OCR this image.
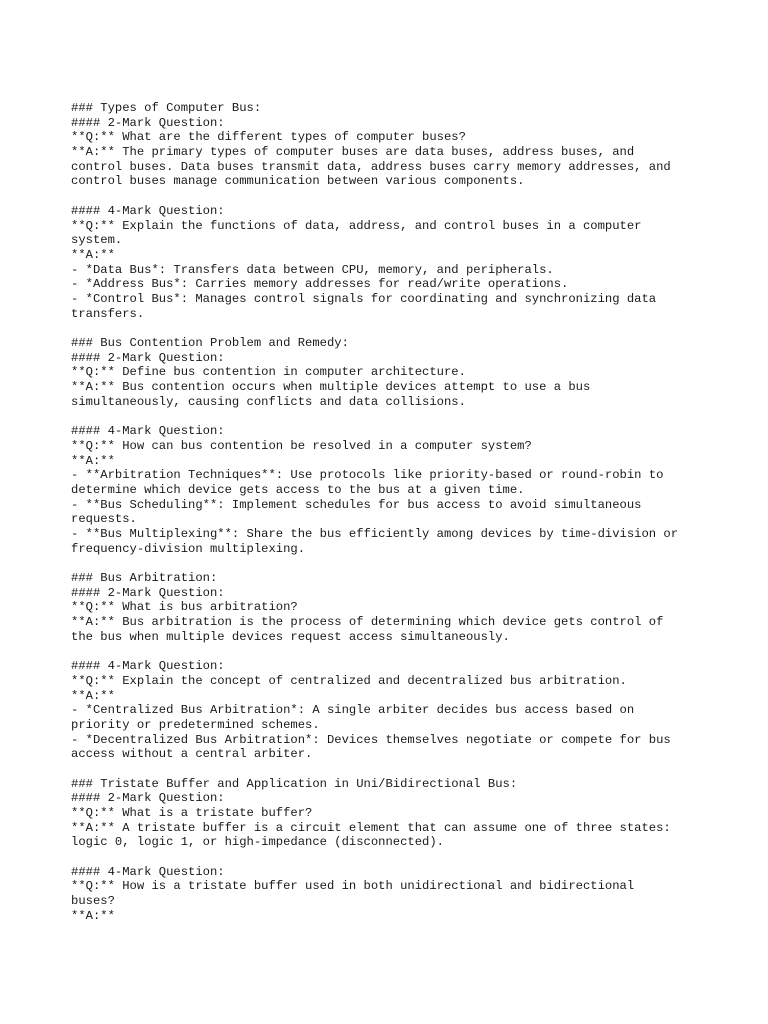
### Types of Computer Bus:
#### 2-Mark Question:
**Q:** What are the different types of computer buses?
**A:** The primary types of computer buses are data buses, address buses, and
control buses. Data buses transmit data, address buses carry memory addresses, and
control buses manage communication between various components.
#### 4-Mark Question:
**Q:** Explain the functions of data, address, and control buses in a computer
system.
**A:**
- *Data Bus*: Transfers data between CPU, memory, and peripherals.
- *Address Bus*: Carries memory addresses for read/write operations.
- *Control Bus*: Manages control signals for coordinating and synchronizing data
transfers.
### Bus Contention Problem and Remedy:
#### 2-Mark Question:
**Q:** Define bus contention in computer architecture.
**A:** Bus contention occurs when multiple devices attempt to use a bus
simultaneously, causing conflicts and data collisions.
#### 4-Mark Question:
**Q:** How can bus contention be resolved in a computer system?
**A:**
- **Arbitration Techniques**: Use protocols like priority-based or round-robin to
determine which device gets access to the bus at a given time.
- **Bus Scheduling**: Implement schedules for bus access to avoid simultaneous
requests.
- **Bus Multiplexing**: Share the bus efficiently among devices by time-division or
frequency-division multiplexing.
### Bus Arbitration:
#### 2-Mark Question:
**Q:** What is bus arbitration?
**A:** Bus arbitration is the process of determining which device gets control of
the bus when multiple devices request access simultaneously.
#### 4-Mark Question:
**Q:** Explain the concept of centralized and decentralized bus arbitration.
**A:**
- *Centralized Bus Arbitration*: A single arbiter decides bus access based on
priority or predetermined schemes.
- *Decentralized Bus Arbitration*: Devices themselves negotiate or compete for bus
access without a central arbiter.
### Tristate Buffer and Application in Uni/Bidirectional Bus:
#### 2-Mark Question:
**Q:** What is a tristate buffer?
**A:** A tristate buffer is a circuit element that can assume one of three states:
logic 0, logic 1, or high-impedance (disconnected).
#### 4-Mark Question:
**Q:** How is a tristate buffer used in both unidirectional and bidirectional
buses?
**A:**
